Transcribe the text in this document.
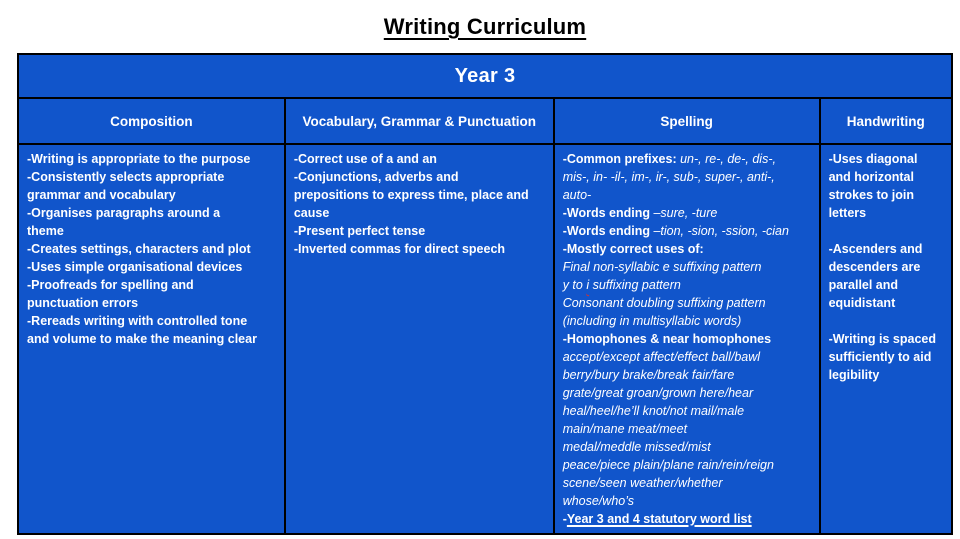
Writing Curriculum
Year 3
Composition
-Writing is appropriate to the purpose
-Consistently selects appropriate
grammar and vocabulary
-Organises paragraphs around a
theme
-Creates settings, characters and plot
-Uses simple organisational devices
-Proofreads for spelling and
punctuation errors
-Rereads writing with controlled tone
and volume to make the meaning clear
Vocabulary, Grammar & Punctuation
-Correct use of a and an
-Conjunctions, adverbs and
prepositions to express time, place and
cause
-Present perfect tense
-Inverted commas for direct speech
Spelling
-Common prefixes: un-, re-, de-, dis-,
mis-, in- -il-, im-, ir-, sub-, super-, anti-,
auto-
-Words ending –sure, -ture
-Words ending –tion, -sion, -ssion, -cian
-Mostly correct uses of:
Final non-syllabic e suffixing pattern
y to i suffixing pattern
Consonant doubling suffixing pattern
(including in multisyllabic words)
-Homophones & near homophones
accept/except affect/effect ball/bawl
berry/bury brake/break fair/fare
grate/great groan/grown here/hear
heal/heel/he’ll knot/not mail/male
main/mane meat/meet
medal/meddle missed/mist
peace/piece plain/plane rain/rein/reign
scene/seen weather/whether
whose/who’s
-Year 3 and 4 statutory word list
Handwriting
-Uses diagonal
and horizontal
strokes to join
letters

-Ascenders and
descenders are
parallel and
equidistant

-Writing is spaced
sufficiently to aid
legibility
